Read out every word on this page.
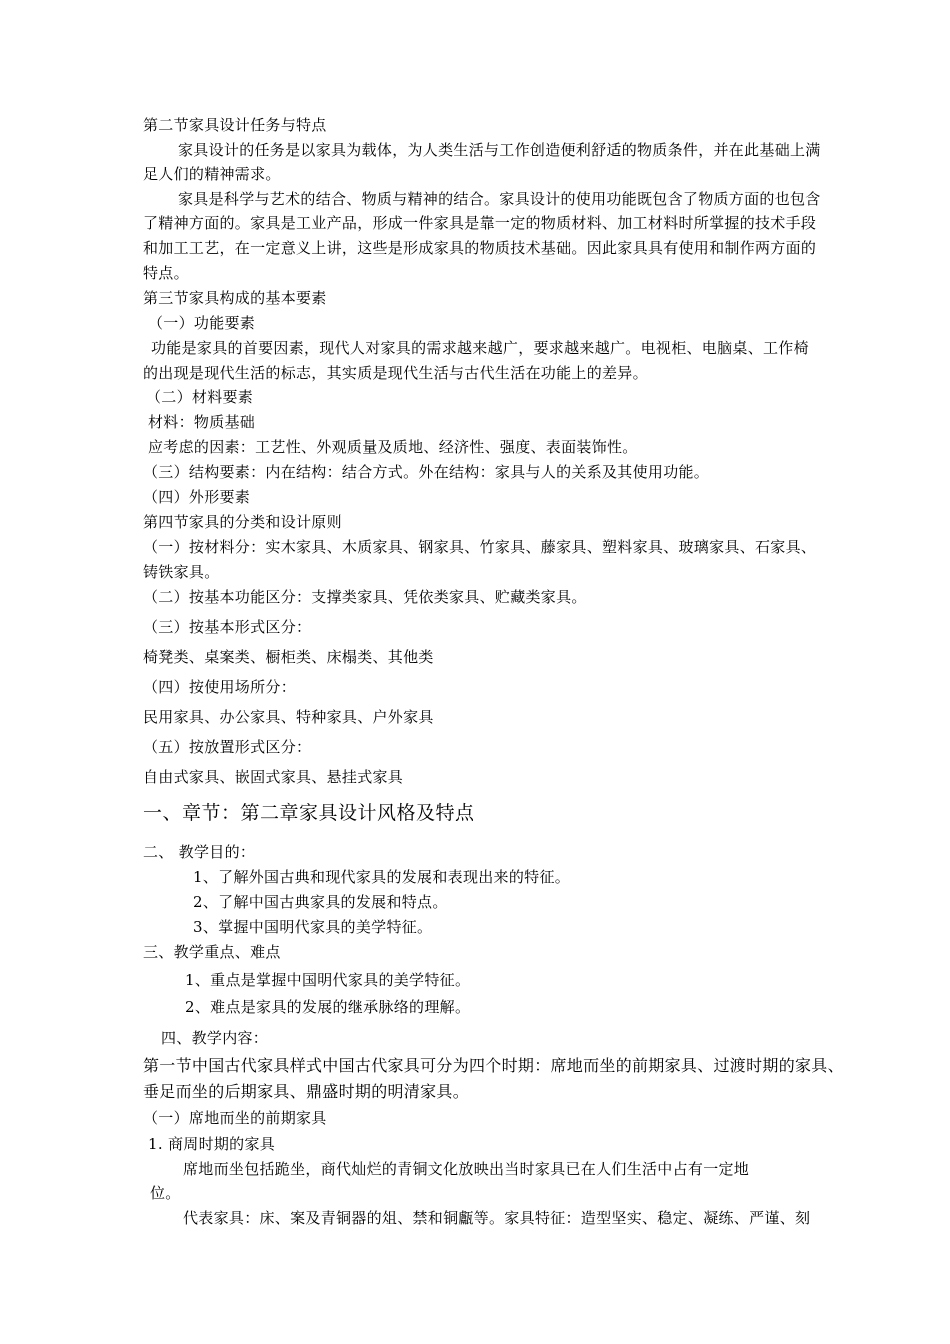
第二节家具设计任务与特点
家具设计的任务是以家具为载体，为人类生活与工作创造便利舒适的物质条件，并在此基础上满
足人们的精神需求。
家具是科学与艺术的结合、物质与精神的结合。家具设计的使用功能既包含了物质方面的也包含
了精神方面的。家具是工业产品，形成一件家具是靠一定的物质材料、加工材料时所掌握的技术手段
和加工工艺，在一定意义上讲，这些是形成家具的物质技术基础。因此家具具有使用和制作两方面的
特点。
第三节家具构成的基本要素
（一）功能要素
功能是家具的首要因素，现代人对家具的需求越来越广，要求越来越广。电视柜、电脑桌、工作椅
的出现是现代生活的标志，其实质是现代生活与古代生活在功能上的差异。
（二）材料要素
材料：物质基础
应考虑的因素：工艺性、外观质量及质地、经济性、强度、表面装饰性。
（三）结构要素：内在结构：结合方式。外在结构：家具与人的关系及其使用功能。
（四）外形要素
第四节家具的分类和设计原则
（一）按材料分：实木家具、木质家具、钢家具、竹家具、藤家具、塑料家具、玻璃家具、石家具、
铸铁家具。
（二）按基本功能区分：支撑类家具、凭依类家具、贮藏类家具。
（三）按基本形式区分：
椅凳类、桌案类、橱柜类、床榻类、其他类
（四）按使用场所分：
民用家具、办公家具、特种家具、户外家具
（五）按放置形式区分：
自由式家具、嵌固式家具、悬挂式家具
一、章节：第二章家具设计风格及特点
二、 教学目的：
1、了解外国古典和现代家具的发展和表现出来的特征。
2、了解中国古典家具的发展和特点。
3、掌握中国明代家具的美学特征。
三、教学重点、难点
1、重点是掌握中国明代家具的美学特征。
2、难点是家具的发展的继承脉络的理解。
四、教学内容：
第一节中国古代家具样式中国古代家具可分为四个时期：席地而坐的前期家具、过渡时期的家具、
垂足而坐的后期家具、鼎盛时期的明清家具。
（一）席地而坐的前期家具
1. 商周时期的家具
席地而坐包括跪坐，商代灿烂的青铜文化放映出当时家具已在人们生活中占有一定地
位。
代表家具：床、案及青铜器的俎、禁和铜甗等。家具特征：造型坚实、稳定、凝练、严谨、刻
